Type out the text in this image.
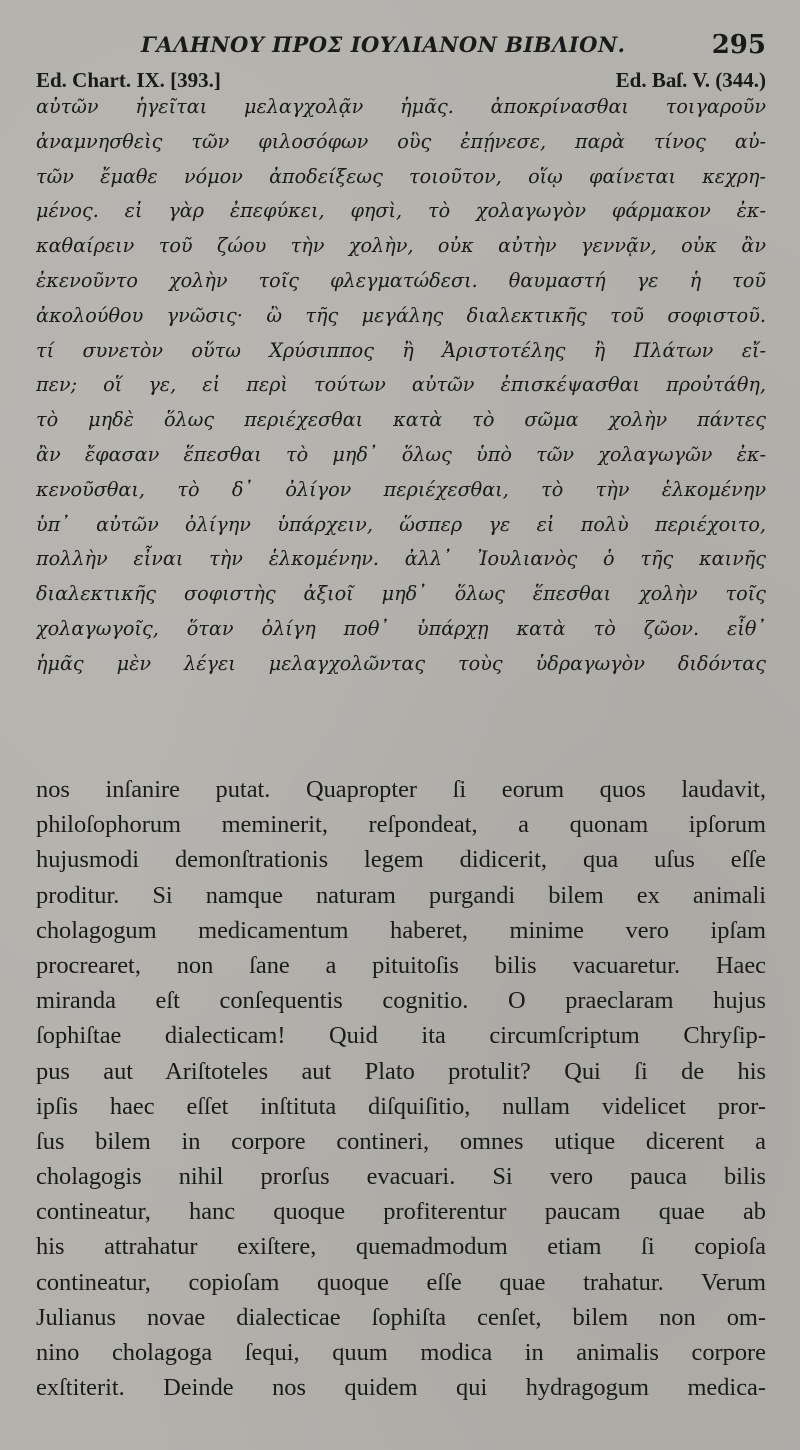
ΓΑΛΗΝΟΥ ΠΡΟΣ ΙΟΥΛΙΑΝΟΝ ΒΙΒΛΙΟΝ.	295
Ed. Chart. IX. [393.]	Ed. Baſ. V. (344.)
αὐτῶν ἡγεῖται μελαγχολᾷν ἡμᾶς. ἀποκρίνασθαι τοιγαροῦν
ἀναμνησθεὶς τῶν φιλοσόφων οὓς ἐπῄνεσε, παρὰ τίνος αὐ-
τῶν ἔμαθε νόμον ἀποδείξεως τοιοῦτον, οἵῳ φαίνεται κεχρη-
μένος. εἰ γὰρ ἐπεφύκει, φησὶ, τὸ χολαγωγὸν φάρμακον ἐκ-
καθαίρειν τοῦ ζώου τὴν χολὴν, οὐκ αὐτὴν γεννᾷν, οὐκ ἂν
ἐκενοῦντο χολὴν τοῖς φλεγματώδεσι. θαυμαστή γε ἡ τοῦ
ἀκολούθου γνῶσις· ὢ τῆς μεγάλης διαλεκτικῆς τοῦ σοφιστοῦ.
τί συνετὸν οὕτω Χρύσιππος ἢ Ἀριστοτέλης ἢ Πλάτων εἴ-
πεν; οἵ γε, εἰ περὶ τούτων αὐτῶν ἐπισκέψασθαι προὐτάθη,
τὸ μηδὲ ὅλως περιέχεσθαι κατὰ τὸ σῶμα χολὴν πάντες
ἂν ἔφασαν ἕπεσθαι τὸ μηδ᾽ ὅλως ὑπὸ τῶν χολαγωγῶν ἐκ-
κενοῦσθαι, τὸ δ᾽ ὀλίγον περιέχεσθαι, τὸ τὴν ἑλκομένην
ὑπ᾽ αὐτῶν ὀλίγην ὑπάρχειν, ὥσπερ γε εἰ πολὺ περιέχοιτο,
πολλὴν εἶναι τὴν ἑλκομένην. ἀλλ᾽ Ἰουλιανὸς ὁ τῆς καινῆς
διαλεκτικῆς σοφιστὴς ἀξιοῖ μηδ᾽ ὅλως ἕπεσθαι χολὴν τοῖς
χολαγωγοῖς, ὅταν ὀλίγη ποθ᾽ ὑπάρχῃ κατὰ τὸ ζῶον. εἶθ᾽
ἡμᾶς μὲν λέγει μελαγχολῶντας τοὺς ὑδραγωγὸν διδόντας
nos inſanire putat. Quapropter ſi eorum quos laudavit,
philoſophorum meminerit, reſpondeat, a quonam ipſorum
hujusmodi demonſtrationis legem didicerit, qua uſus eſſe
proditur. Si namque naturam purgandi bilem ex animali
cholagogum medicamentum haberet, minime vero ipſam
procrearet, non ſane a pituitoſis bilis vacuaretur. Haec
miranda eſt conſequentis cognitio. O praeclaram hujus
ſophiſtae dialecticam! Quid ita circumſcriptum Chryſip-
pus aut Ariſtoteles aut Plato protulit? Qui ſi de his
ipſis haec eſſet inſtituta diſquiſitio, nullam videlicet pror-
ſus bilem in corpore contineri, omnes utique dicerent a
cholagogis nihil prorſus evacuari. Si vero pauca bilis
contineatur, hanc quoque profiterentur paucam quae ab
his attrahatur exiſtere, quemadmodum etiam ſi copioſa
contineatur, copioſam quoque eſſe quae trahatur. Verum
Julianus novae dialecticae ſophiſta cenſet, bilem non om-
nino cholagoga ſequi, quum modica in animalis corpore
exſtiterit. Deinde nos quidem qui hydragogum medica-
